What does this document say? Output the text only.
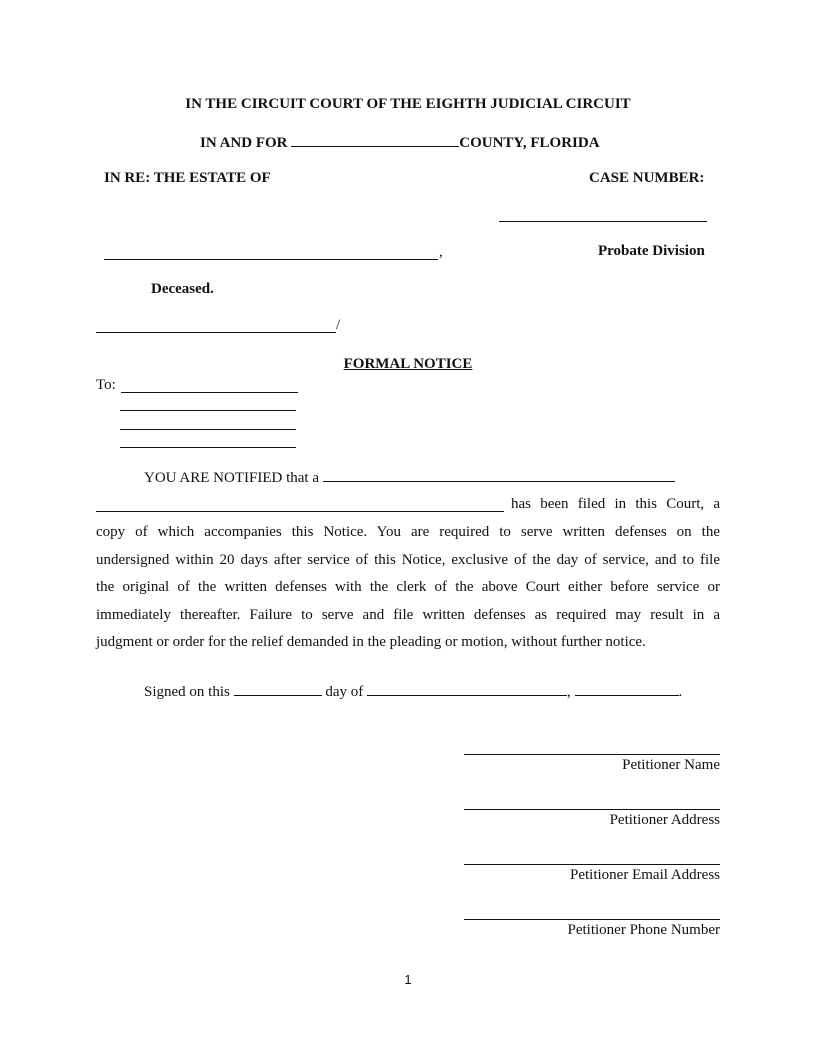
IN THE CIRCUIT COURT OF THE EIGHTH JUDICIAL CIRCUIT
IN AND FOR	COUNTY, FLORIDA
IN RE: THE ESTATE OF	CASE NUMBER:
,	Probate Division
Deceased.
/
FORMAL NOTICE
To:
YOU ARE NOTIFIED that a
has been filed in this Court, a
copy of which accompanies this Notice. You are required to serve written defenses on the
undersigned within 20 days after service of this Notice, exclusive of the day of service, and to file
the original of the written defenses with the clerk of the above Court either before service or
immediately thereafter. Failure to serve and file written defenses as required may result in a
judgment or order for the relief demanded in the pleading or motion, without further notice.
Signed on this	day of	,	.
Petitioner Name
Petitioner Address
Petitioner Email Address
Petitioner Phone Number
1
